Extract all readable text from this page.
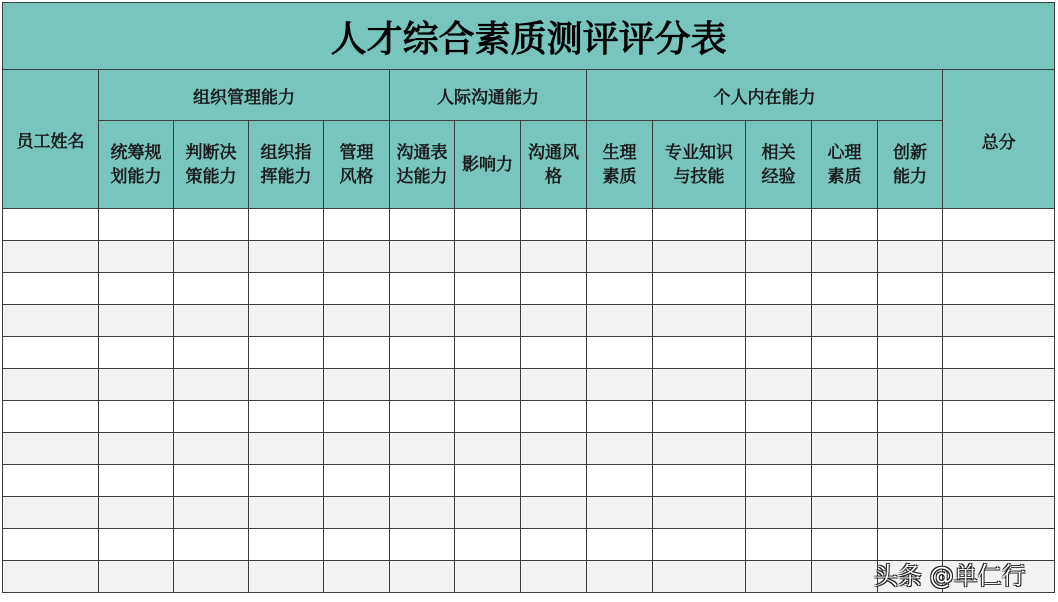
人才综合素质测评评分表													
员工姓名	组织管理能力				人际沟通能力			个人内在能力					总分

	统筹规划能力	判断决策能力	组织指挥能力	管理风格	沟通表达能力	影响力	沟通风格	生理素质	专业知识与技能	相关经验	心理素质	创新能力	

头条 @单仁行
